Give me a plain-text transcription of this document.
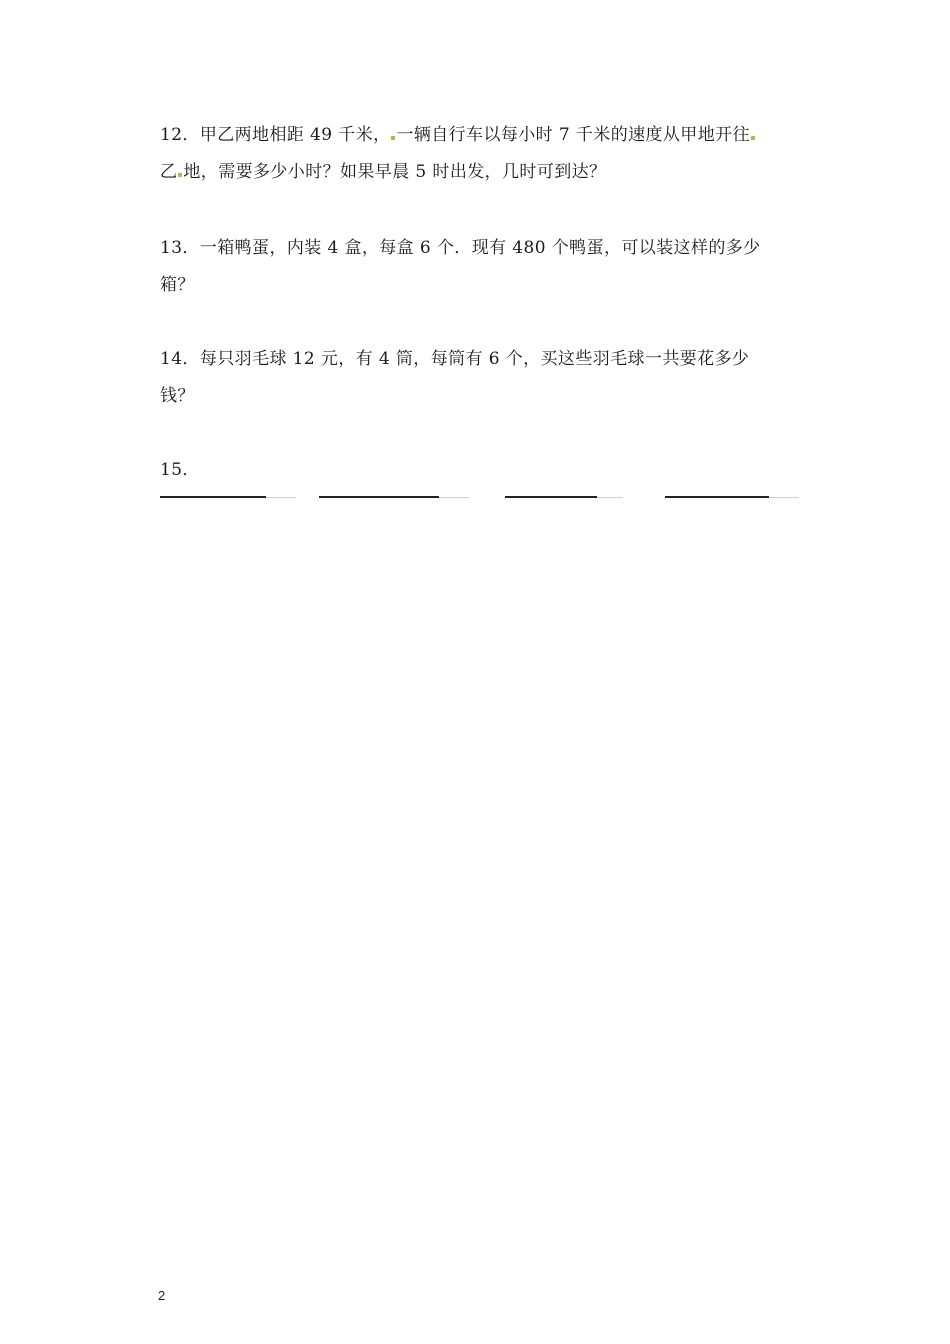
12．甲乙两地相距 49 千米， 一辆自行车以每小时 7 千米的速度从甲地开往
乙 地，需要多少小时？如果早晨 5 时出发，几时可到达？
13．一箱鸭蛋，内装 4 盒，每盒 6 个．现有 480 个鸭蛋，可以装这样的多少
箱？
14．每只羽毛球 12 元，有 4 筒，每筒有 6 个，买这些羽毛球一共要花多少
钱？
15．
2
